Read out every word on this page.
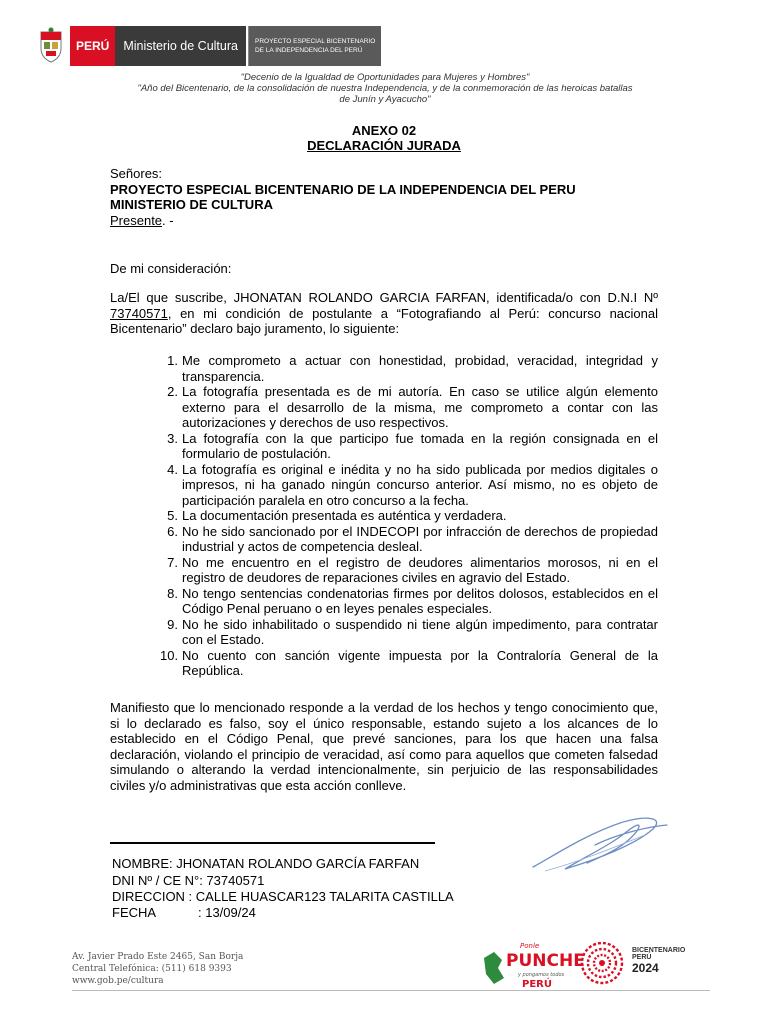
PERÚ	Ministerio de Cultura	PROYECTO ESPECIAL BICENTENARIO
DE LA INDEPENDENCIA DEL PERÚ
"Decenio de la Igualdad de Oportunidades para Mujeres y Hombres"
"Año del Bicentenario, de la consolidación de nuestra Independencia, y de la conmemoración de las heroicas batallas
de Junín y Ayacucho"
ANEXO 02
DECLARACIÓN JURADA
Señores:
PROYECTO ESPECIAL BICENTENARIO DE LA INDEPENDENCIA DEL PERU
MINISTERIO DE CULTURA
Presente. -
De mi consideración:
La/El que suscribe, JHONATAN ROLANDO GARCIA FARFAN, identificada/o con D.N.I Nº 73740571, en mi condición de postulante a “Fotografiando al Perú: concurso nacional Bicentenario” declaro bajo juramento, lo siguiente:
1. Me comprometo a actuar con honestidad, probidad, veracidad, integridad y transparencia.
2. La fotografía presentada es de mi autoría. En caso se utilice algún elemento externo para el desarrollo de la misma, me comprometo a contar con las autorizaciones y derechos de uso respectivos.
3. La fotografía con la que participo fue tomada en la región consignada en el formulario de postulación.
4. La fotografía es original e inédita y no ha sido publicada por medios digitales o impresos, ni ha ganado ningún concurso anterior. Así mismo, no es objeto de participación paralela en otro concurso a la fecha.
5. La documentación presentada es auténtica y verdadera.
6. No he sido sancionado por el INDECOPI por infracción de derechos de propiedad industrial y actos de competencia desleal.
7. No me encuentro en el registro de deudores alimentarios morosos, ni en el registro de deudores de reparaciones civiles en agravio del Estado.
8. No tengo sentencias condenatorias firmes por delitos dolosos, establecidos en el Código Penal peruano o en leyes penales especiales.
9. No he sido inhabilitado o suspendido ni tiene algún impedimento, para contratar con el Estado.
10. No cuento con sanción vigente impuesta por la Contraloría General de la República.
Manifiesto que lo mencionado responde a la verdad de los hechos y tengo conocimiento que, si lo declarado es falso, soy el único responsable, estando sujeto a los alcances de lo establecido en el Código Penal, que prevé sanciones, para los que hacen una falsa declaración, violando el principio de veracidad, así como para aquellos que cometen falsedad simulando o alterando la verdad intencionalmente, sin perjuicio de las responsabilidades civiles y/o administrativas que esta acción conlleve.
NOMBRE: JHONATAN ROLANDO GARCÍA FARFAN
DNI Nº / CE N°: 73740571
DIRECCION : CALLE HUASCAR123 TALARITA CASTILLA
FECHA	: 13/09/24
Av. Javier Prado Este 2465, San Borja
Central Telefónica: (511) 618 9393
www.gob.pe/cultura
Ponle
PUNCHE
y pongamos todos
PERÚ
BICENTENARIO
PERÚ
2024
